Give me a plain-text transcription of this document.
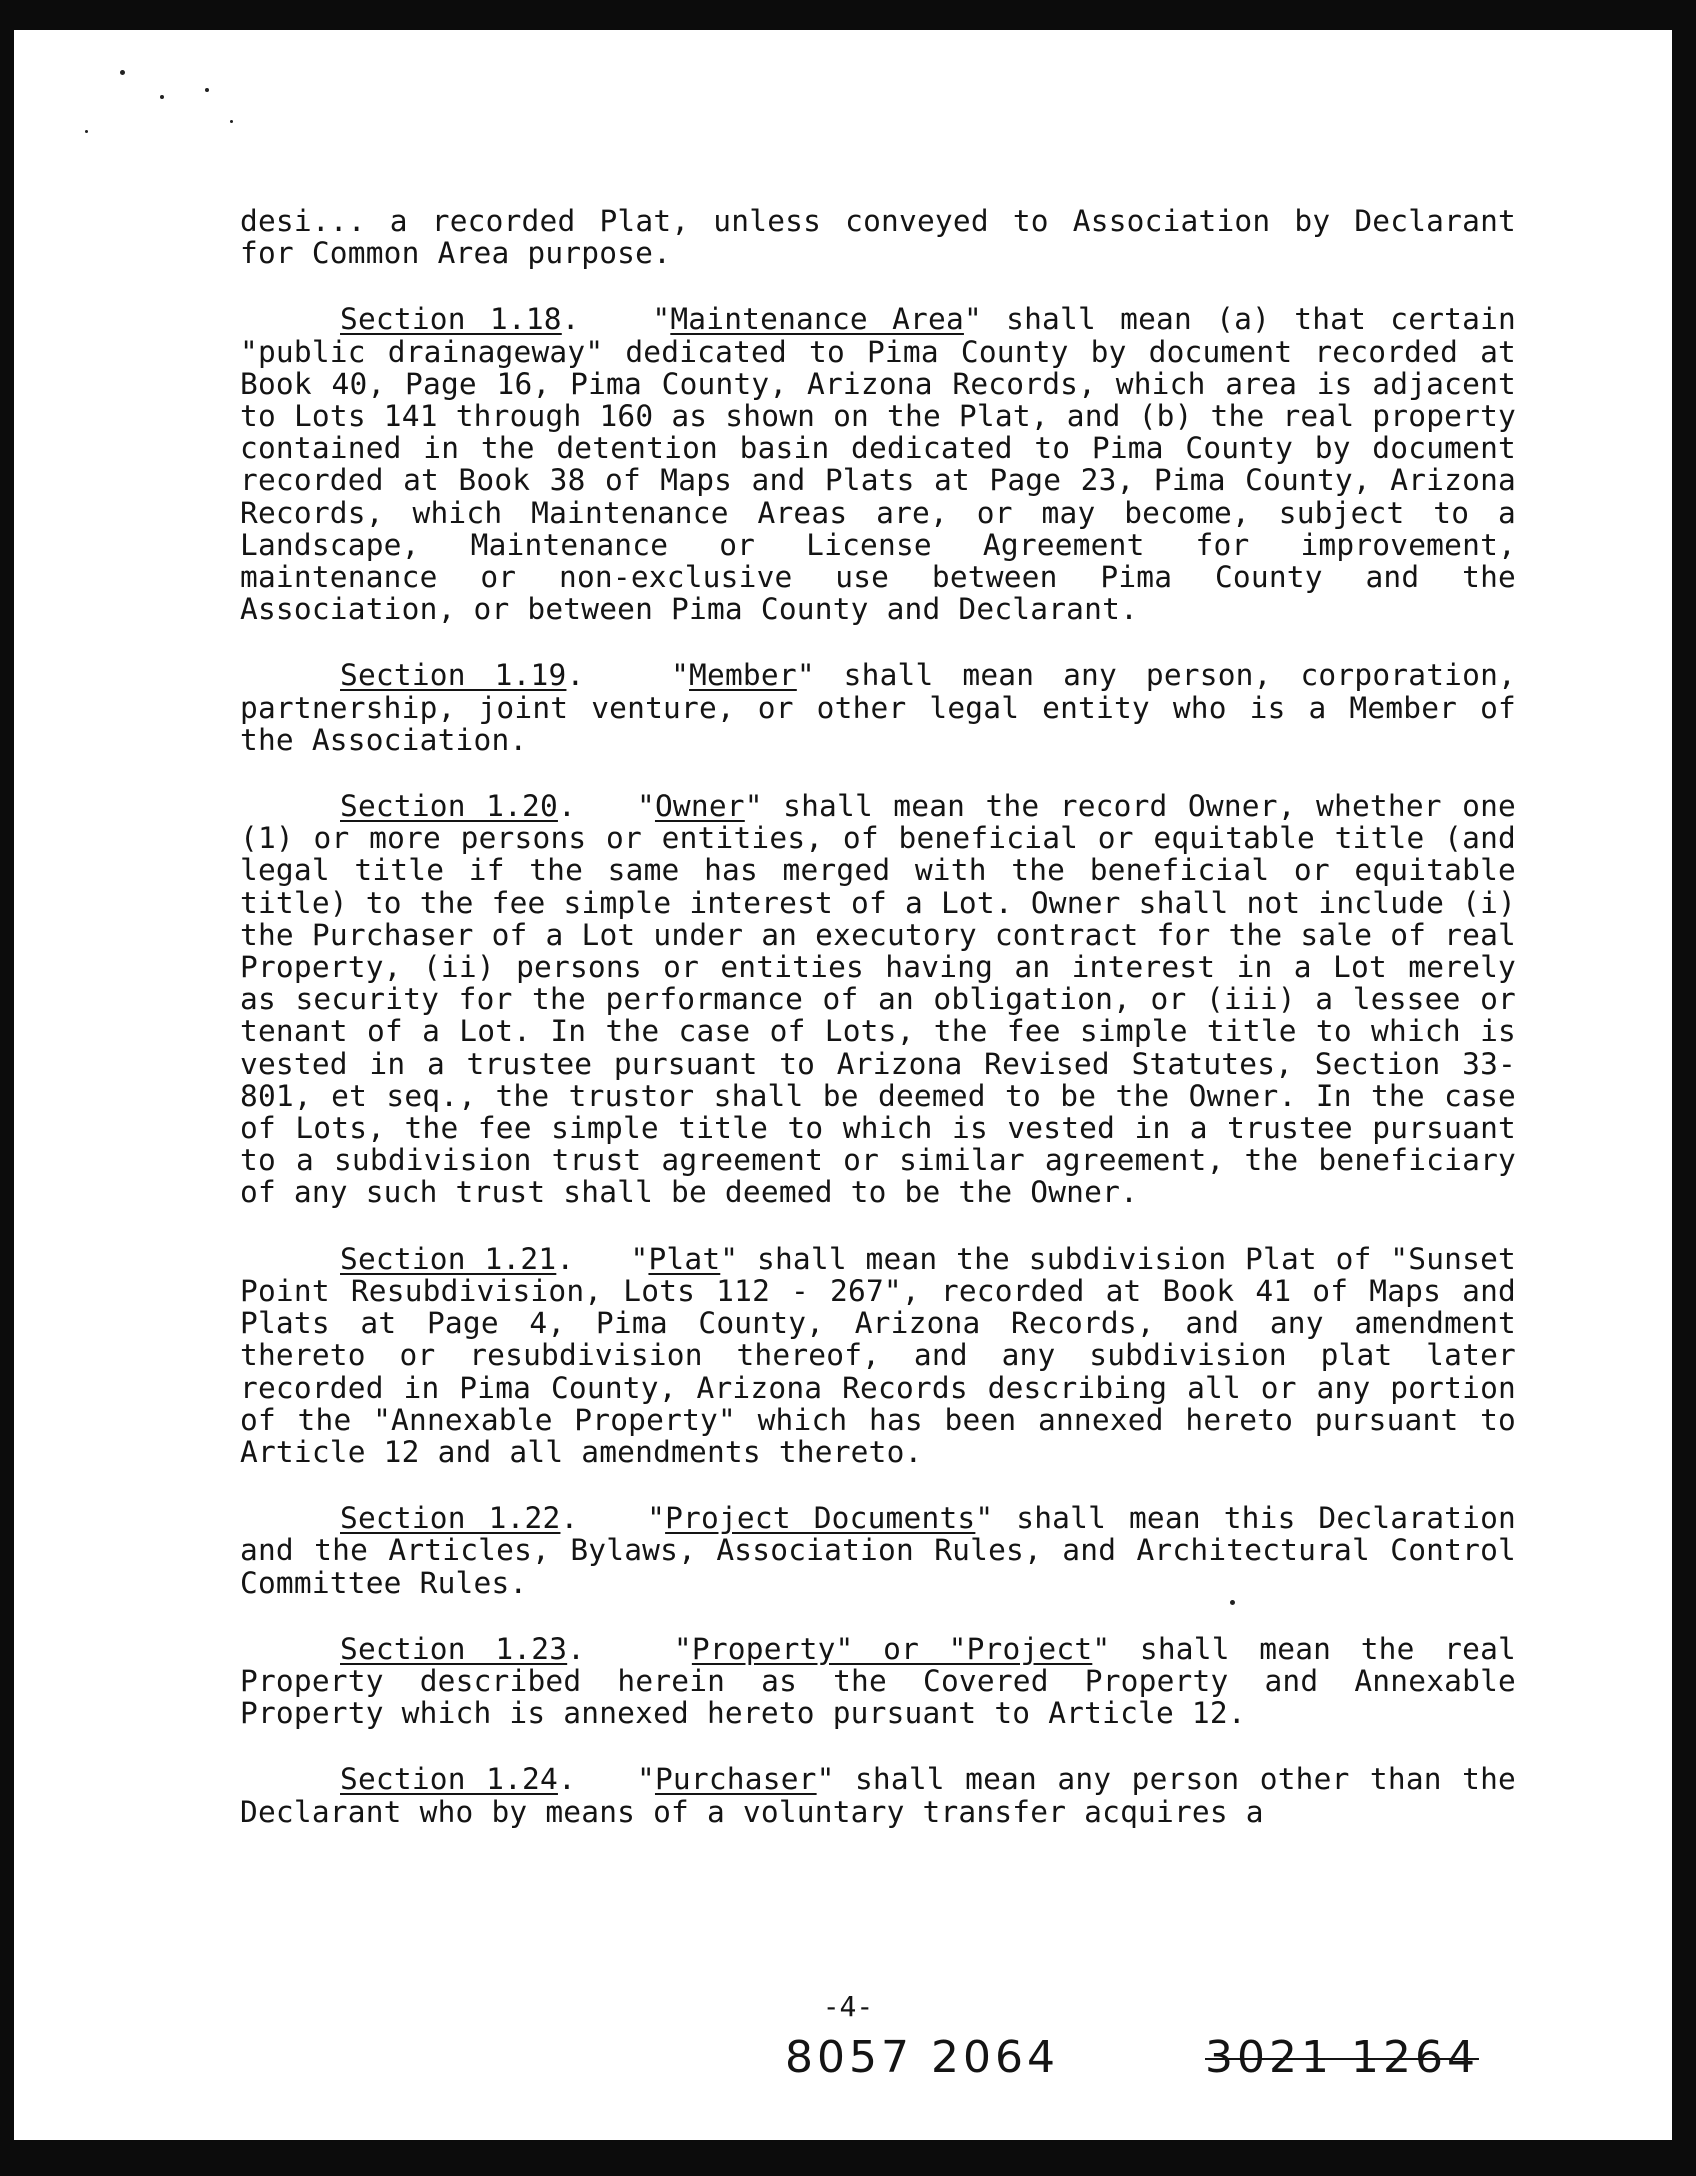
desi... a recorded Plat, unless conveyed to Association by Declarant for Common Area purpose.

Section 1.18.   "Maintenance Area" shall mean (a) that certain "public drainageway" dedicated to Pima County by document recorded at Book 40, Page 16, Pima County, Arizona Records, which area is adjacent to Lots 141 through 160 as shown on the Plat, and (b) the real property contained in the detention basin dedicated to Pima County by document recorded at Book 38 of Maps and Plats at Page 23, Pima County, Arizona Records, which Maintenance Areas are, or may become, subject to a Landscape, Maintenance or License Agreement for improvement, maintenance or non-exclusive use between Pima County and the Association, or between Pima County and Declarant.

Section 1.19.   "Member" shall mean any person, corporation, partnership, joint venture, or other legal entity who is a Member of the Association.

Section 1.20.   "Owner" shall mean the record Owner, whether one (1) or more persons or entities, of beneficial or equitable title (and legal title if the same has merged with the beneficial or equitable title) to the fee simple interest of a Lot. Owner shall not include (i) the Purchaser of a Lot under an executory contract for the sale of real Property, (ii) persons or entities having an interest in a Lot merely as security for the performance of an obligation, or (iii) a lessee or tenant of a Lot. In the case of Lots, the fee simple title to which is vested in a trustee pursuant to Arizona Revised Statutes, Section 33-801, et seq., the trustor shall be deemed to be the Owner. In the case of Lots, the fee simple title to which is vested in a trustee pursuant to a subdivision trust agreement or similar agreement, the beneficiary of any such trust shall be deemed to be the Owner.

Section 1.21.   "Plat" shall mean the subdivision Plat of "Sunset Point Resubdivision, Lots 112 - 267", recorded at Book 41 of Maps and Plats at Page 4, Pima County, Arizona Records, and any amendment thereto or resubdivision thereof, and any subdivision plat later recorded in Pima County, Arizona Records describing all or any portion of the "Annexable Property" which has been annexed hereto pursuant to Article 12 and all amendments thereto.

Section 1.22.   "Project Documents" shall mean this Declaration and the Articles, Bylaws, Association Rules, and Architectural Control Committee Rules.

Section 1.23.   "Property" or "Project" shall mean the real Property described herein as the Covered Property and Annexable Property which is annexed hereto pursuant to Article 12.

Section 1.24.   "Purchaser" shall mean any person other than the Declarant who by means of a voluntary transfer acquires a

-4-
8057 2064	3021 1264
